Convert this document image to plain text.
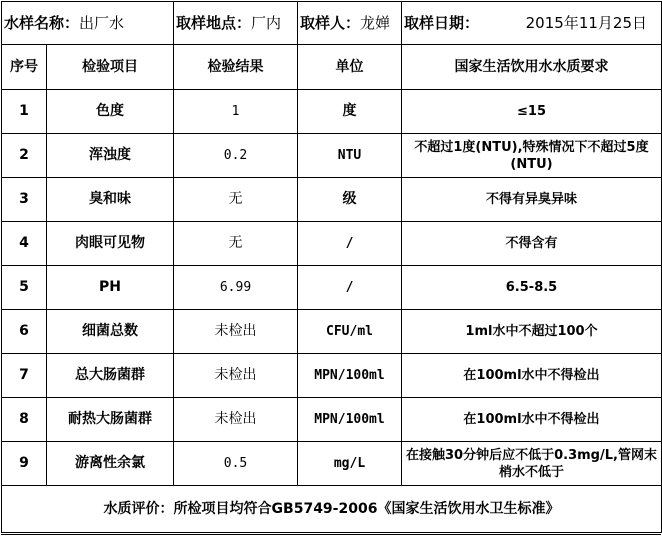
水样名称：出厂水		取样地点：厂内	取样人：龙婵	取样日期： 2015年11月25日

序号	检验项目	检验结果	单位	国家生活饮用水水质要求
1	色度	1	度	≤15
2	浑浊度	0.2	NTU	不超过1度(NTU),特殊情况下不超过5度 (NTU)

3	臭和味	无	级	不得有异臭异味
4	肉眼可见物	无	/	不得含有
5	PH	6.99	/	6.5-8.5
6	细菌总数	未检出	CFU/ml	1ml水中不超过100个
7	总大肠菌群	未检出	MPN/100ml	在100ml水中不得检出
8	耐热大肠菌群	未检出	MPN/100ml	在100ml水中不得检出
9	游离性余氯	0.5	mg/L	在接触30分钟后应不低于0.3mg/L,管网末梢水不低于

水质评价：所检项目均符合GB5749-2006《国家生活饮用水卫生标准》				
